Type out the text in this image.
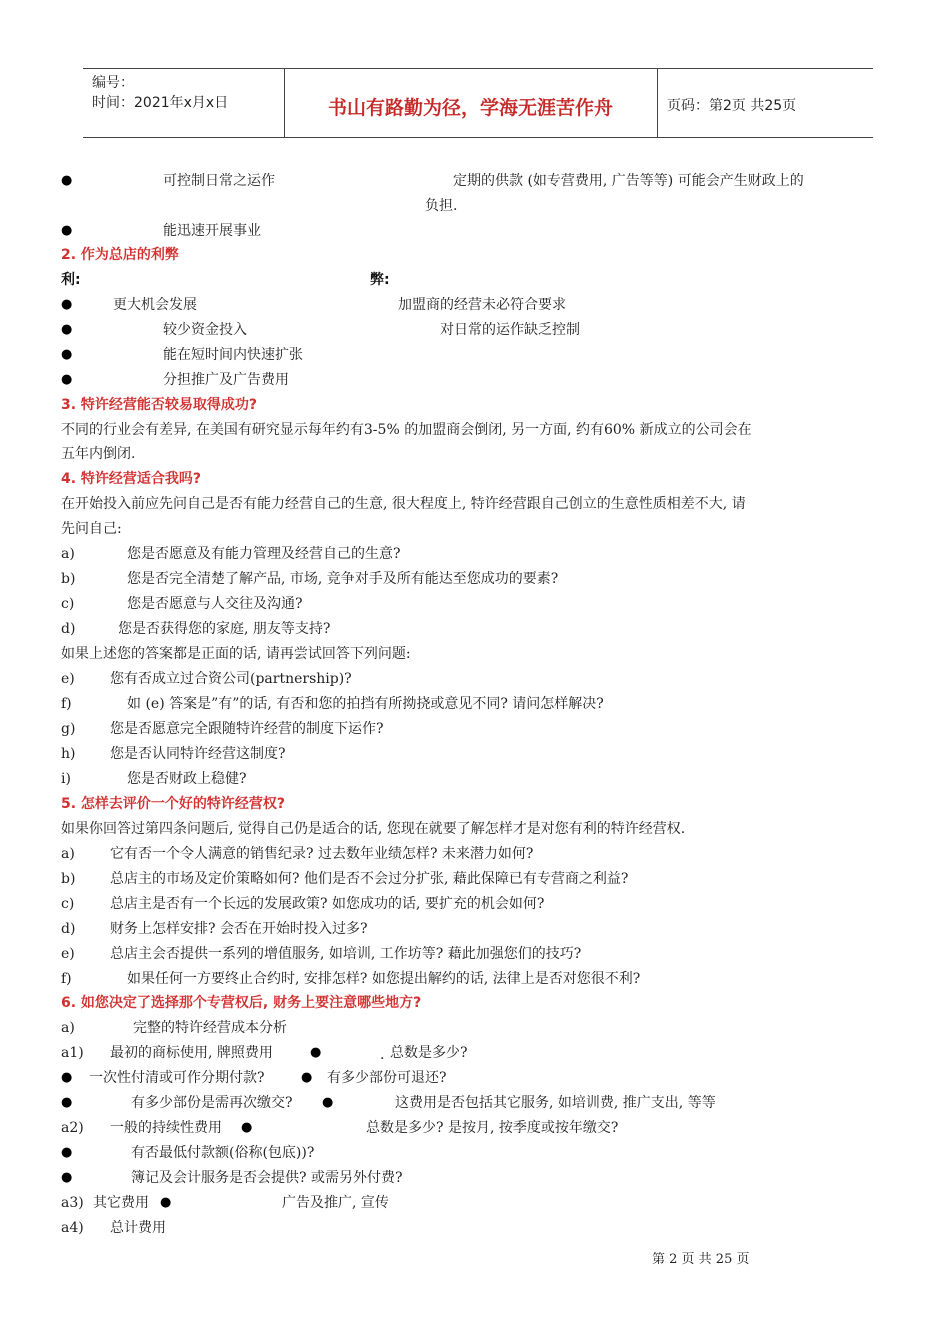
编号：
时间：2021年x月x日	书山有路勤为径，学海无涯苦作舟	页码：第2页 共25页
●	可控制日常之运作	定期的供款 (如专营费用, 广告等等) 可能会产生财政上的
负担.
●	能迅速开展事业
2. 作为总店的利弊
利:	弊:
●	更大机会发展	加盟商的经营未必符合要求
●	较少资金投入	对日常的运作缺乏控制
●	能在短时间内快速扩张
●	分担推广及广告费用
3. 特许经营能否较易取得成功?
不同的行业会有差异, 在美国有研究显示每年约有3-5% 的加盟商会倒闭, 另一方面, 约有60% 新成立的公司会在
五年内倒闭.
4. 特许经营适合我吗?
在开始投入前应先问自己是否有能力经营自己的生意, 很大程度上, 特许经营跟自己创立的生意性质相差不大, 请
先问自己:
a)	您是否愿意及有能力管理及经营自己的生意?
b)	您是否完全清楚了解产品, 市场, 竞争对手及所有能达至您成功的要素?
c)	您是否愿意与人交往及沟通?
d)	您是否获得您的家庭, 朋友等支持?
如果上述您的答案都是正面的话, 请再尝试回答下列问题:
e)	您有否成立过合资公司(partnership)?
f)	如 (e) 答案是”有”的话, 有否和您的拍挡有所拗挠或意见不同? 请问怎样解决?
g) 您是否愿意完全跟随特许经营的制度下运作?
h) 您是否认同特许经营这制度?
i)	您是否财政上稳健?
5. 怎样去评价一个好的特许经营权?
如果你回答过第四条问题后, 觉得自己仍是适合的话, 您现在就要了解怎样才是对您有利的特许经营权.
a)	它有否一个令人满意的销售纪录? 过去数年业绩怎样? 未来潜力如何?
b) 总店主的市场及定价策略如何? 他们是否不会过分扩张, 藉此保障已有专营商之利益?
c)	总店主是否有一个长远的发展政策? 如您成功的话, 要扩充的机会如何?
d) 财务上怎样安排? 会否在开始时投入过多?
e)	总店主会否提供一系列的增值服务, 如培训, 工作坊等? 藉此加强您们的技巧?
f)	如果任何一方要终止合约时, 安排怎样? 如您提出解约的话, 法律上是否对您很不利?
6. 如您决定了选择那个专营权后, 财务上要注意哪些地方?
a)	完整的特许经营成本分析
a1) 最初的商标使用, 牌照费用	●	. 总数是多少?
● 一次性付清或可作分期付款?	● 有多少部份可退还?
●	有多少部份是需再次缴交? ●	这费用是否包括其它服务, 如培训费, 推广支出, 等等
a2) 一般的持续性费用 ●	总数是多少? 是按月, 按季度或按年缴交?
●	有否最低付款额(俗称(包底))?
●	簿记及会计服务是否会提供? 或需另外付费?
a3) 其它费用 ●	广告及推广, 宣传
a4) 总计费用
第 2 页 共 25 页
